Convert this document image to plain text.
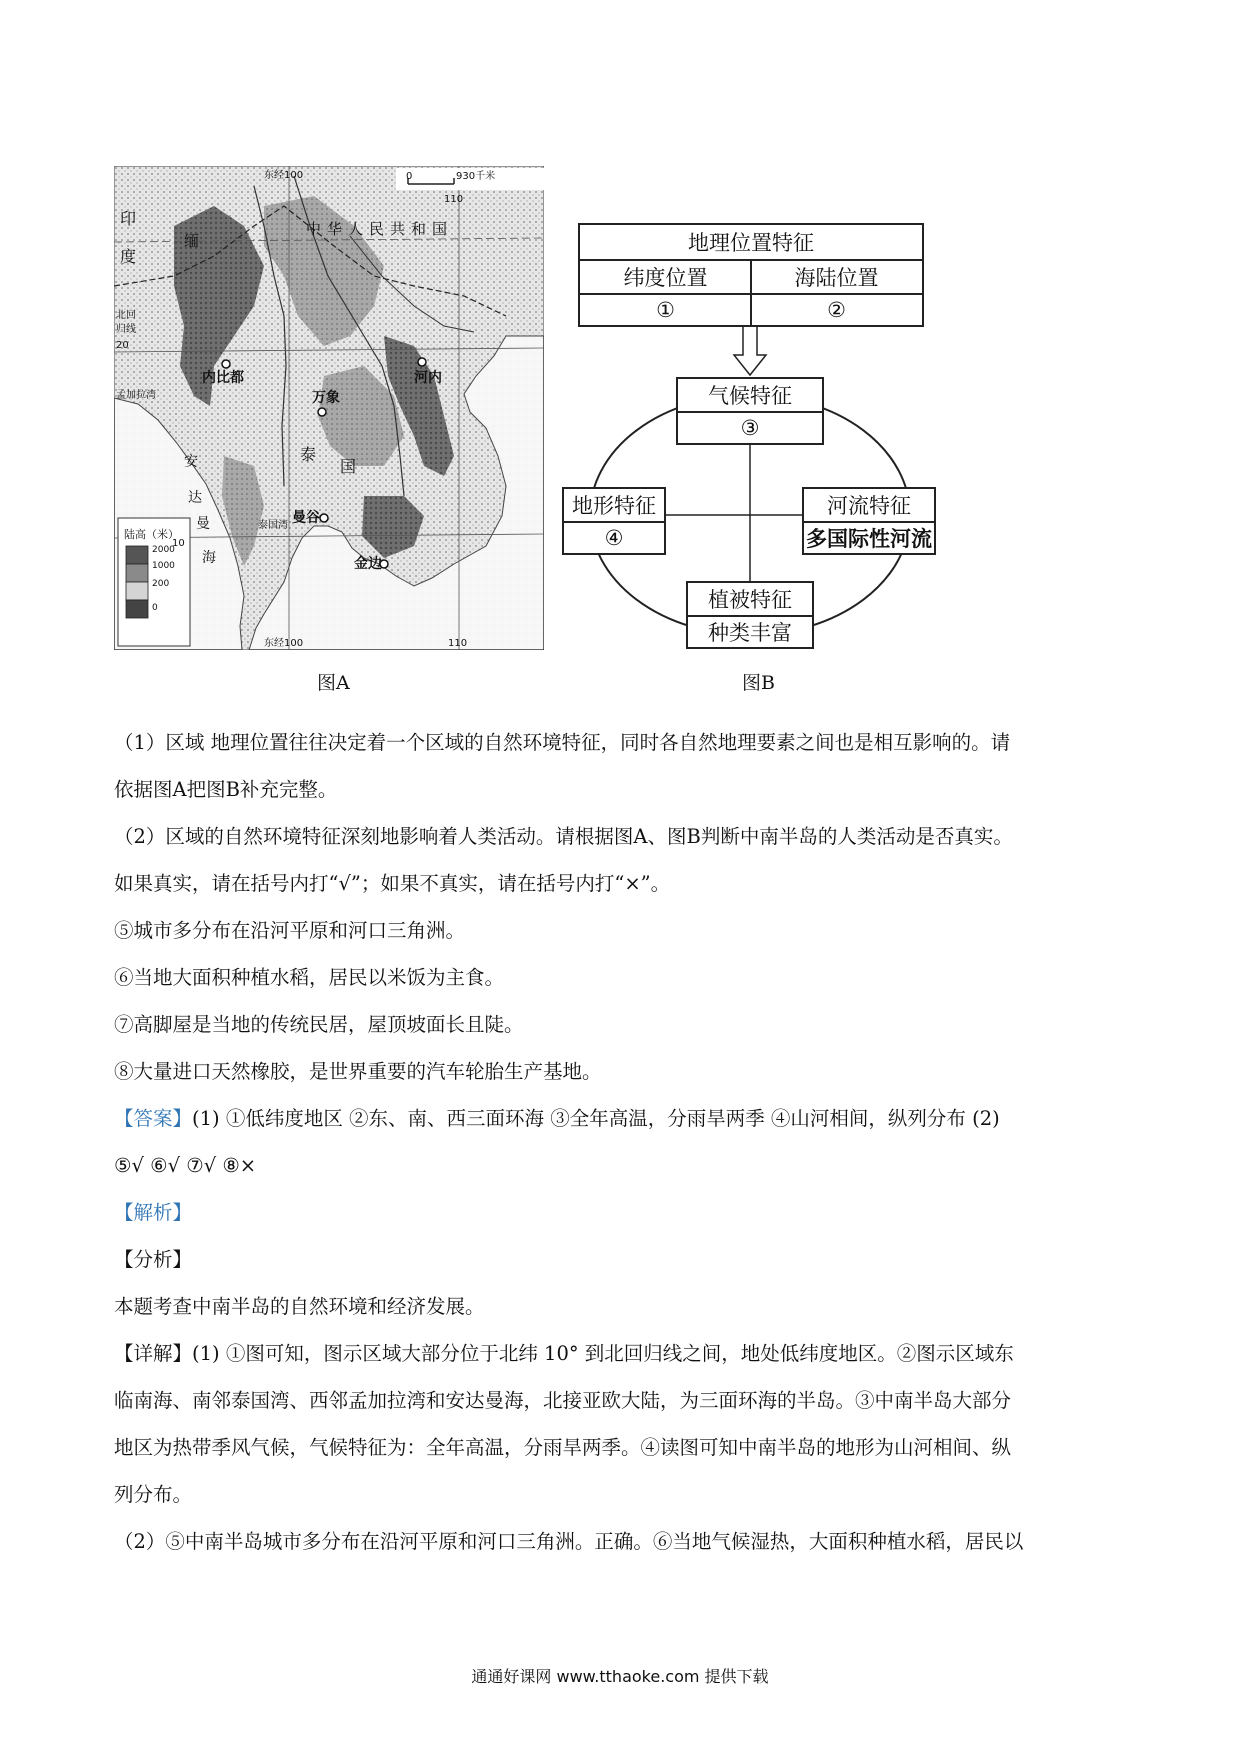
东经100	0	930千米
110
中华人民共和国
印
度
缅
北回
归线
20
内比都
万象
河内
曼谷
金边
孟加拉湾
安
达
曼
海
泰国湾
泰
国
10
东经100	110
陆高（米）
2000
1000
200
0
图A
地理位置特征
纬度位置	海陆位置
①	②
气候特征
③
地形特征
④
河流特征
多国际性河流
植被特征
种类丰富
图B
（1）区域 地理位置往往决定着一个区域的自然环境特征，同时各自然地理要素之间也是相互影响的。请
依据图A把图B补充完整。
（2）区域的自然环境特征深刻地影响着人类活动。请根据图A、图B判断中南半岛的人类活动是否真实。
如果真实，请在括号内打“√”；如果不真实，请在括号内打“×”。
⑤城市多分布在沿河平原和河口三角洲。
⑥当地大面积种植水稻，居民以米饭为主食。
⑦高脚屋是当地的传统民居，屋顶坡面长且陡。
⑧大量进口天然橡胶，是世界重要的汽车轮胎生产基地。
【答案】(1) ①低纬度地区 ②东、南、西三面环海 ③全年高温，分雨旱两季 ④山河相间，纵列分布 (2)
⑤√ ⑥√ ⑦√ ⑧×
【解析】
【分析】
本题考查中南半岛的自然环境和经济发展。
【详解】(1) ①图可知，图示区域大部分位于北纬 10° 到北回归线之间，地处低纬度地区。②图示区域东
临南海、南邻泰国湾、西邻孟加拉湾和安达曼海，北接亚欧大陆，为三面环海的半岛。③中南半岛大部分
地区为热带季风气候，气候特征为：全年高温，分雨旱两季。④读图可知中南半岛的地形为山河相间、纵
列分布。
（2）⑤中南半岛城市多分布在沿河平原和河口三角洲。正确。⑥当地气候湿热，大面积种植水稻，居民以
通通好课网 www.tthaoke.com 提供下载
